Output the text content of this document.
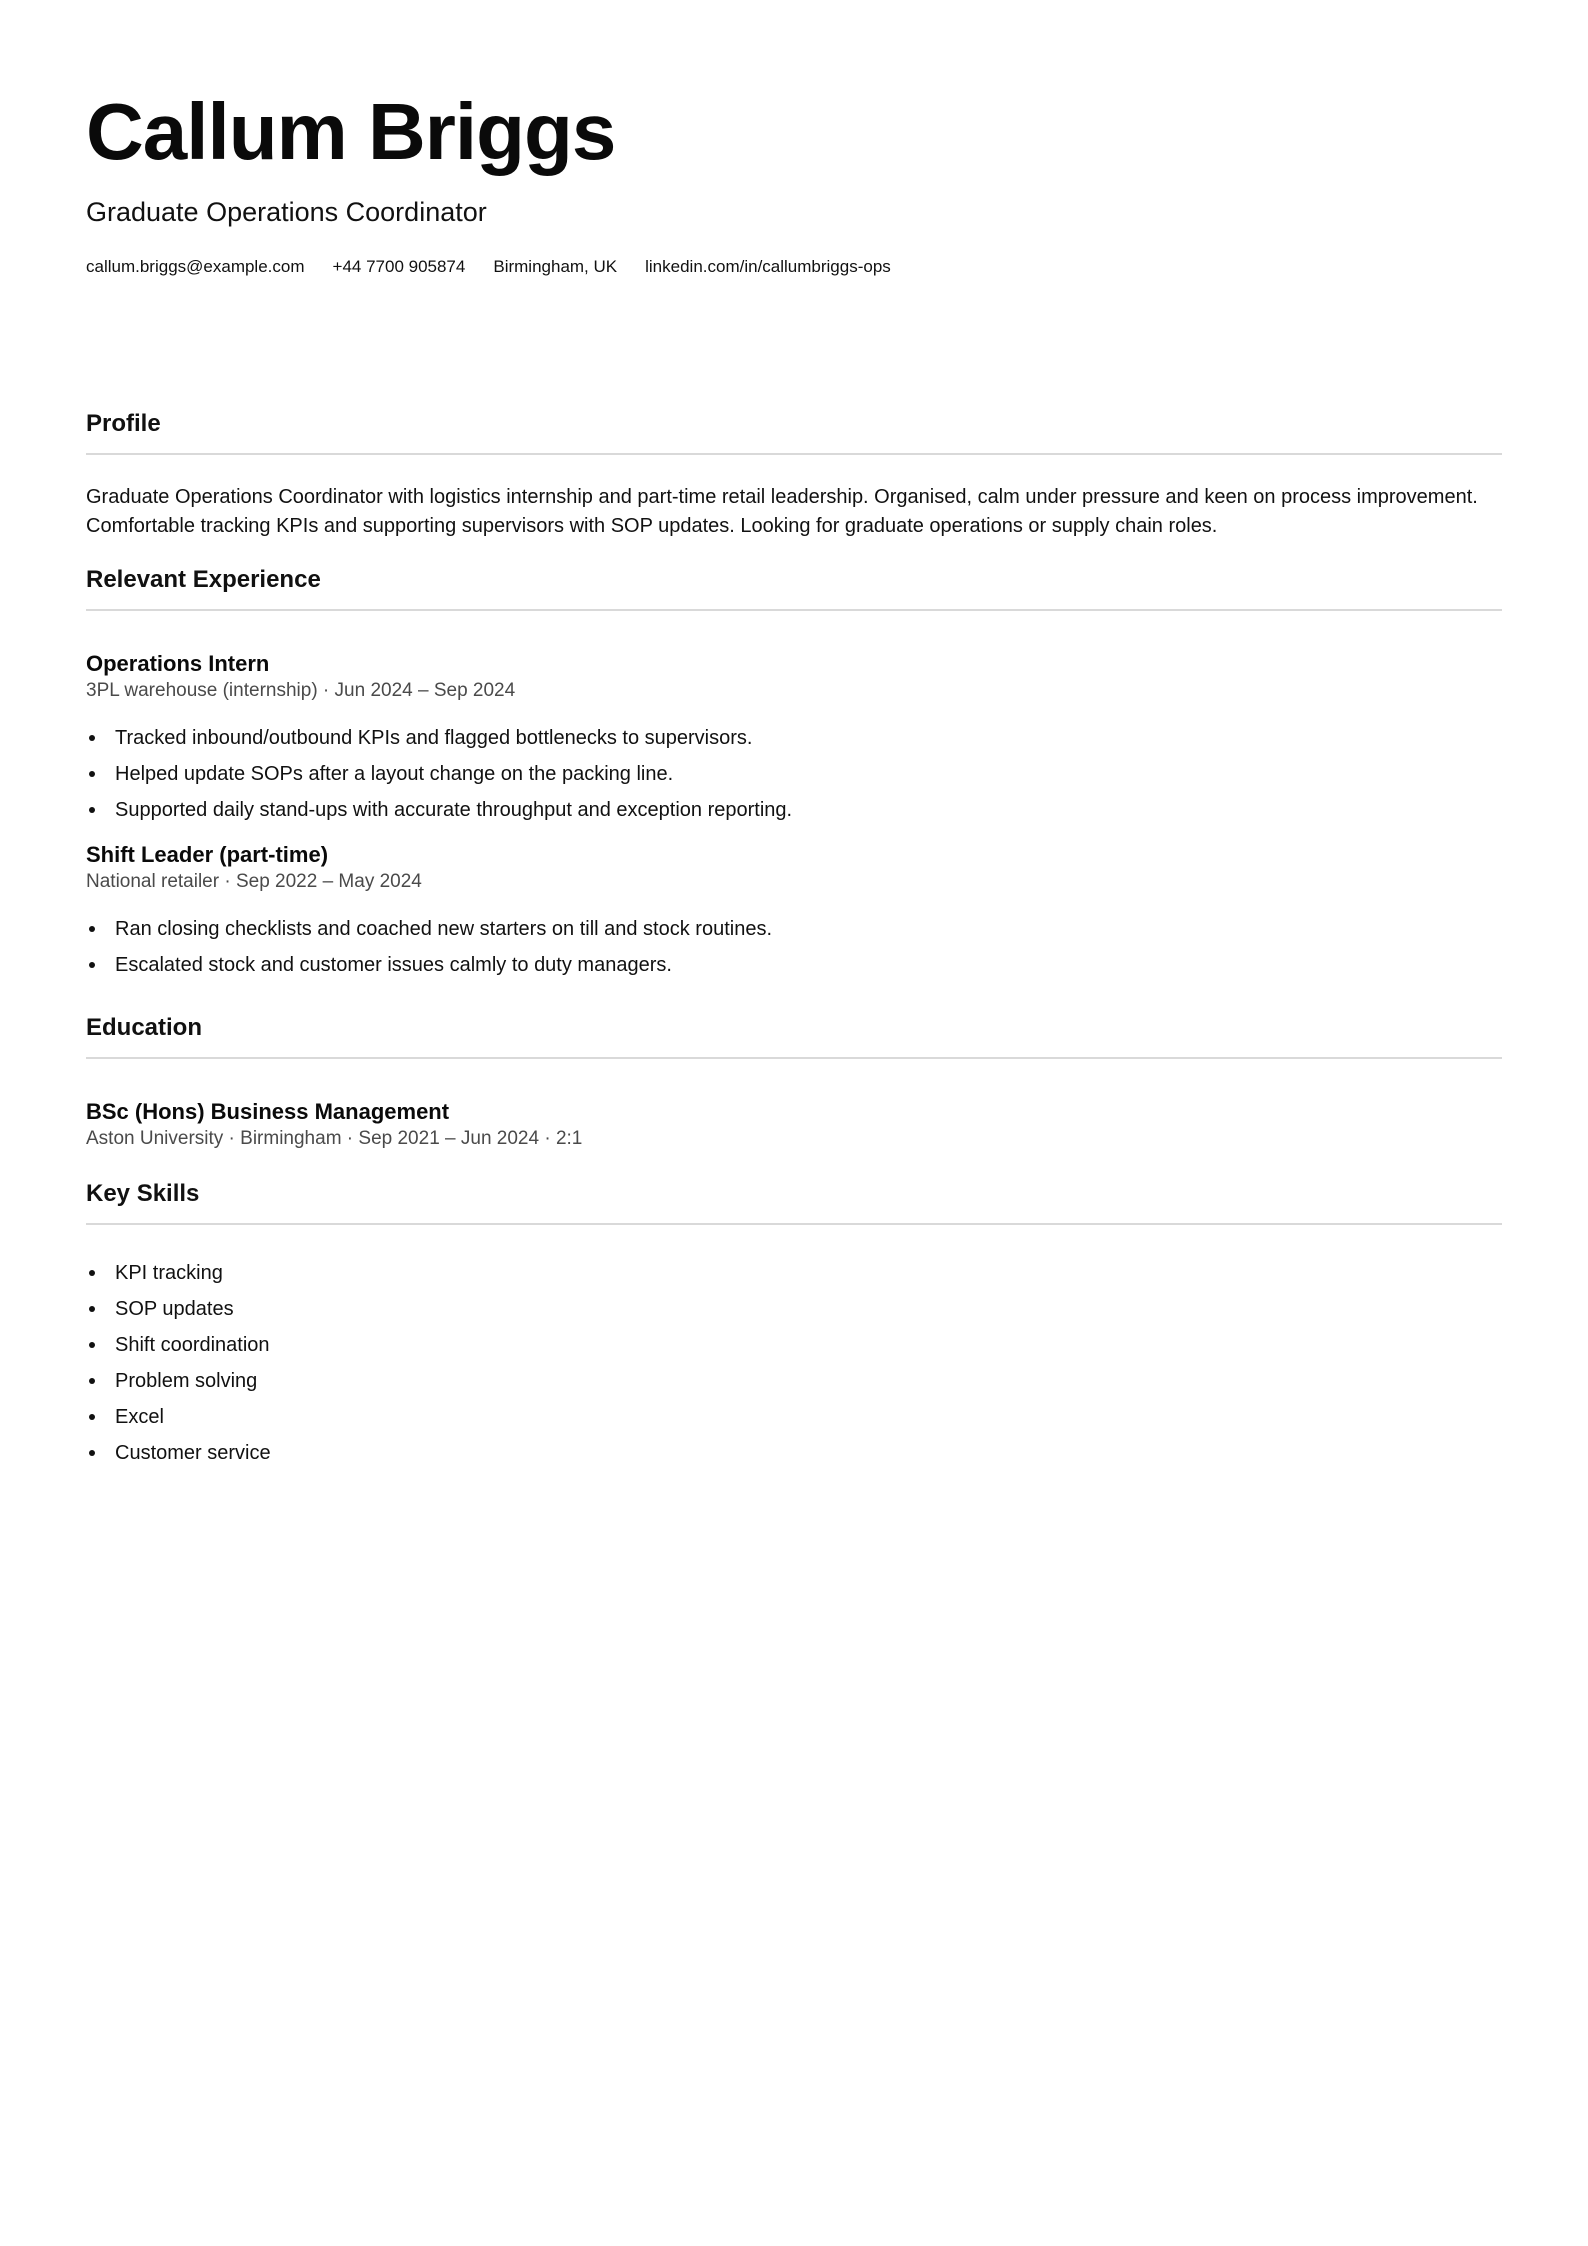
Callum Briggs

Graduate Operations Coordinator

callum.briggs@example.com +44 7700 905874 Birmingham, UK linkedin.com/in/callumbriggs-ops
Profile

Graduate Operations Coordinator with logistics internship and part-time retail leadership. Organised, calm under pressure and keen on process improvement. Comfortable tracking KPIs and supporting supervisors with SOP updates. Looking for graduate operations or supply chain roles.

Relevant Experience
Operations Intern

3PL warehouse (internship) · Jun 2024 – Sep 2024

Tracked inbound/outbound KPIs and flagged bottlenecks to supervisors.
Helped update SOPs after a layout change on the packing line.
Supported daily stand-ups with accurate throughput and exception reporting.
Shift Leader (part-time)

National retailer · Sep 2022 – May 2024

Ran closing checklists and coached new starters on till and stock routines.
Escalated stock and customer issues calmly to duty managers.
Education
BSc (Hons) Business Management

Aston University · Birmingham · Sep 2021 – Jun 2024 · 2:1

Key Skills
KPI tracking
SOP updates
Shift coordination
Problem solving
Excel
Customer service
